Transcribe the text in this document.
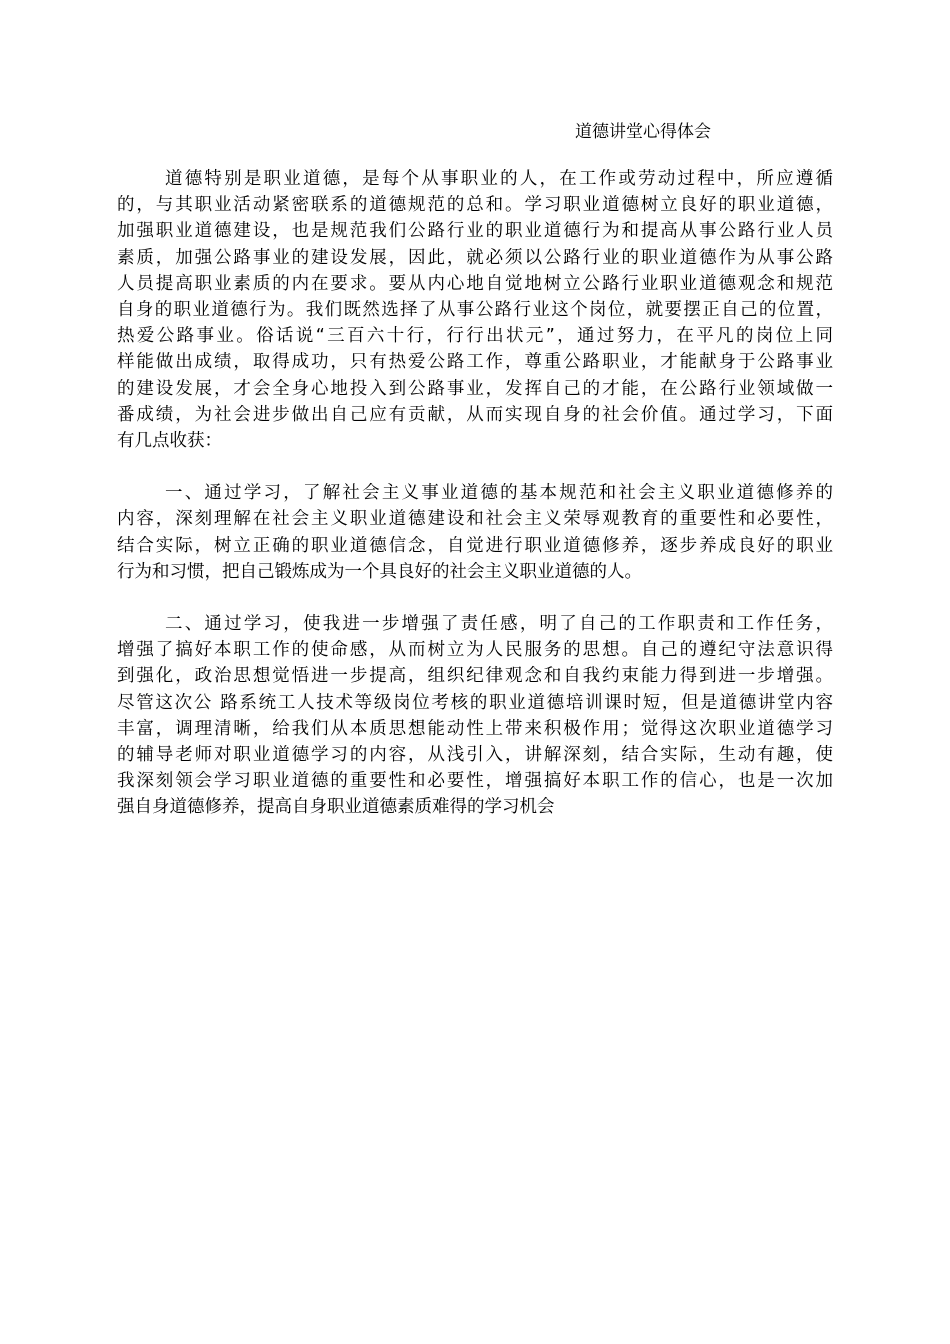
道德讲堂心得体会
道德特别是职业道德，是每个从事职业的人，在工作或劳动过程中，所应遵循
的，与其职业活动紧密联系的道德规范的总和。学习职业道德树立良好的职业道德，
加强职业道德建设，也是规范我们公路行业的职业道德行为和提高从事公路行业人员
素质，加强公路事业的建设发展，因此，就必须以公路行业的职业道德作为从事公路
人员提高职业素质的内在要求。要从内心地自觉地树立公路行业职业道德观念和规范
自身的职业道德行为。我们既然选择了从事公路行业这个岗位，就要摆正自己的位置，
热爱公路事业。俗话说“三百六十行，行行出状元”，通过努力，在平凡的岗位上同
样能做出成绩，取得成功，只有热爱公路工作，尊重公路职业，才能献身于公路事业
的建设发展，才会全身心地投入到公路事业，发挥自己的才能，在公路行业领域做一
番成绩，为社会进步做出自己应有贡献，从而实现自身的社会价值。通过学习，下面
有几点收获：
一、通过学习，了解社会主义事业道德的基本规范和社会主义职业道德修养的
内容，深刻理解在社会主义职业道德建设和社会主义荣辱观教育的重要性和必要性，
结合实际，树立正确的职业道德信念，自觉进行职业道德修养，逐步养成良好的职业
行为和习惯，把自己锻炼成为一个具良好的社会主义职业道德的人。
二、通过学习，使我进一步增强了责任感，明了自己的工作职责和工作任务，
增强了搞好本职工作的使命感，从而树立为人民服务的思想。自己的遵纪守法意识得
到强化，政治思想觉悟进一步提高，组织纪律观念和自我约束能力得到进一步增强。
尽管这次公 路系统工人技术等级岗位考核的职业道德培训课时短，但是道德讲堂内容
丰富，调理清晰，给我们从本质思想能动性上带来积极作用；觉得这次职业道德学习
的辅导老师对职业道德学习的内容，从浅引入，讲解深刻，结合实际，生动有趣，使
我深刻领会学习职业道德的重要性和必要性，增强搞好本职工作的信心，也是一次加
强自身道德修养，提高自身职业道德素质难得的学习机会
